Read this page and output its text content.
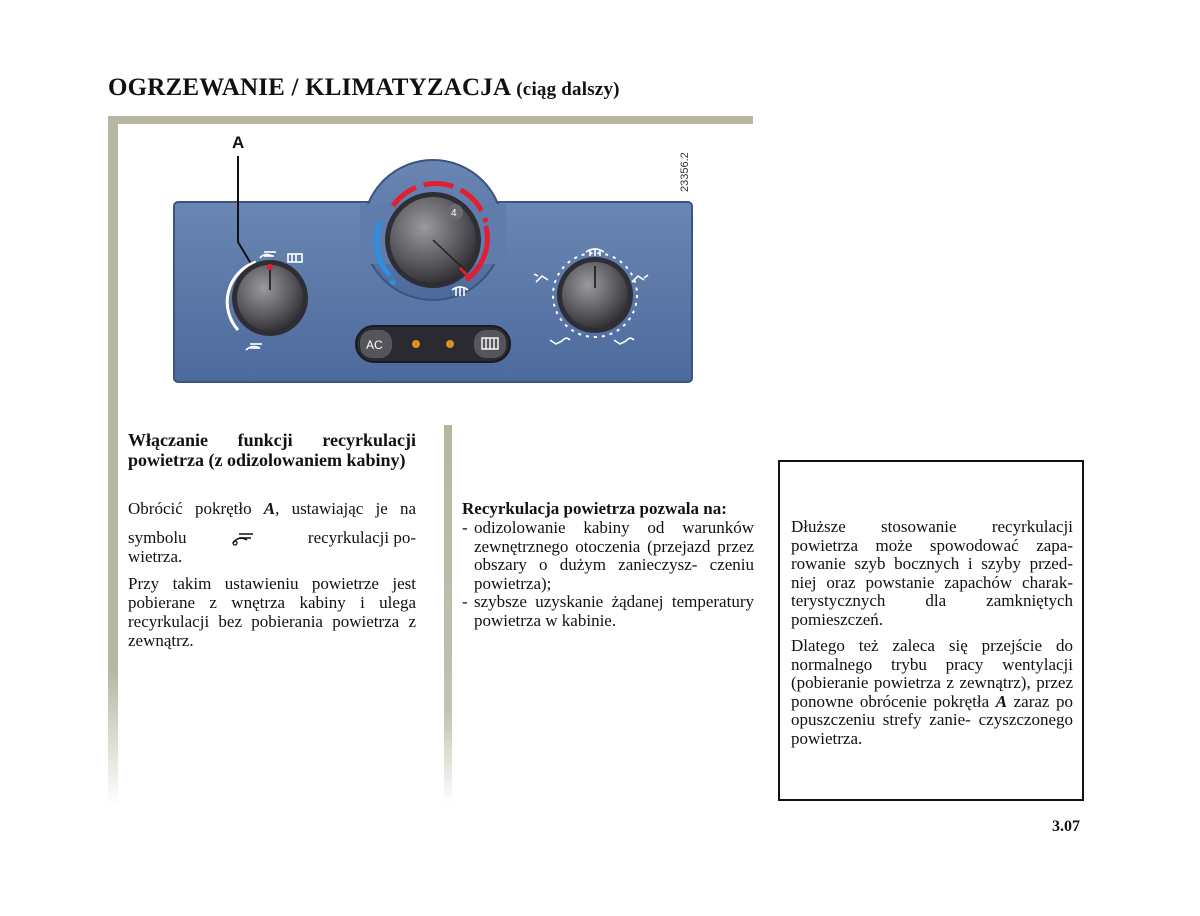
OGRZEWANIE / KLIMATYZACJA (ciąg dalszy)
A
23356.2
4
AC
Włączanie funkcji recyrkulacji powietrza (z odizolowaniem kabiny)
Obrócić pokrętło A, ustawiając je na
symbolu	recyrkulacji po-
wietrza.
Przy takim ustawieniu powietrze jest pobierane z wnętrza kabiny i ulega recyrkulacji bez pobierania powietrza z zewnątrz.
Recyrkulacja powietrza pozwala na:
- odizolowanie kabiny od warunków zewnętrznego otoczenia (przejazd przez obszary o dużym zanieczysz- czeniu powietrza);
- szybsze uzyskanie żądanej temperatury powietrza w kabinie.
Dłuższe stosowanie recyrkulacji powietrza może spowodować zapa- rowanie szyb bocznych i szyby przed- niej oraz powstanie zapachów charak- terystycznych dla zamkniętych pomieszczeń.
Dlatego też zaleca się przejście do normalnego trybu pracy wentylacji (pobieranie powietrza z zewnątrz), przez ponowne obrócenie pokrętła A zaraz po opuszczeniu strefy zanie- czyszczonego powietrza.
3.07
